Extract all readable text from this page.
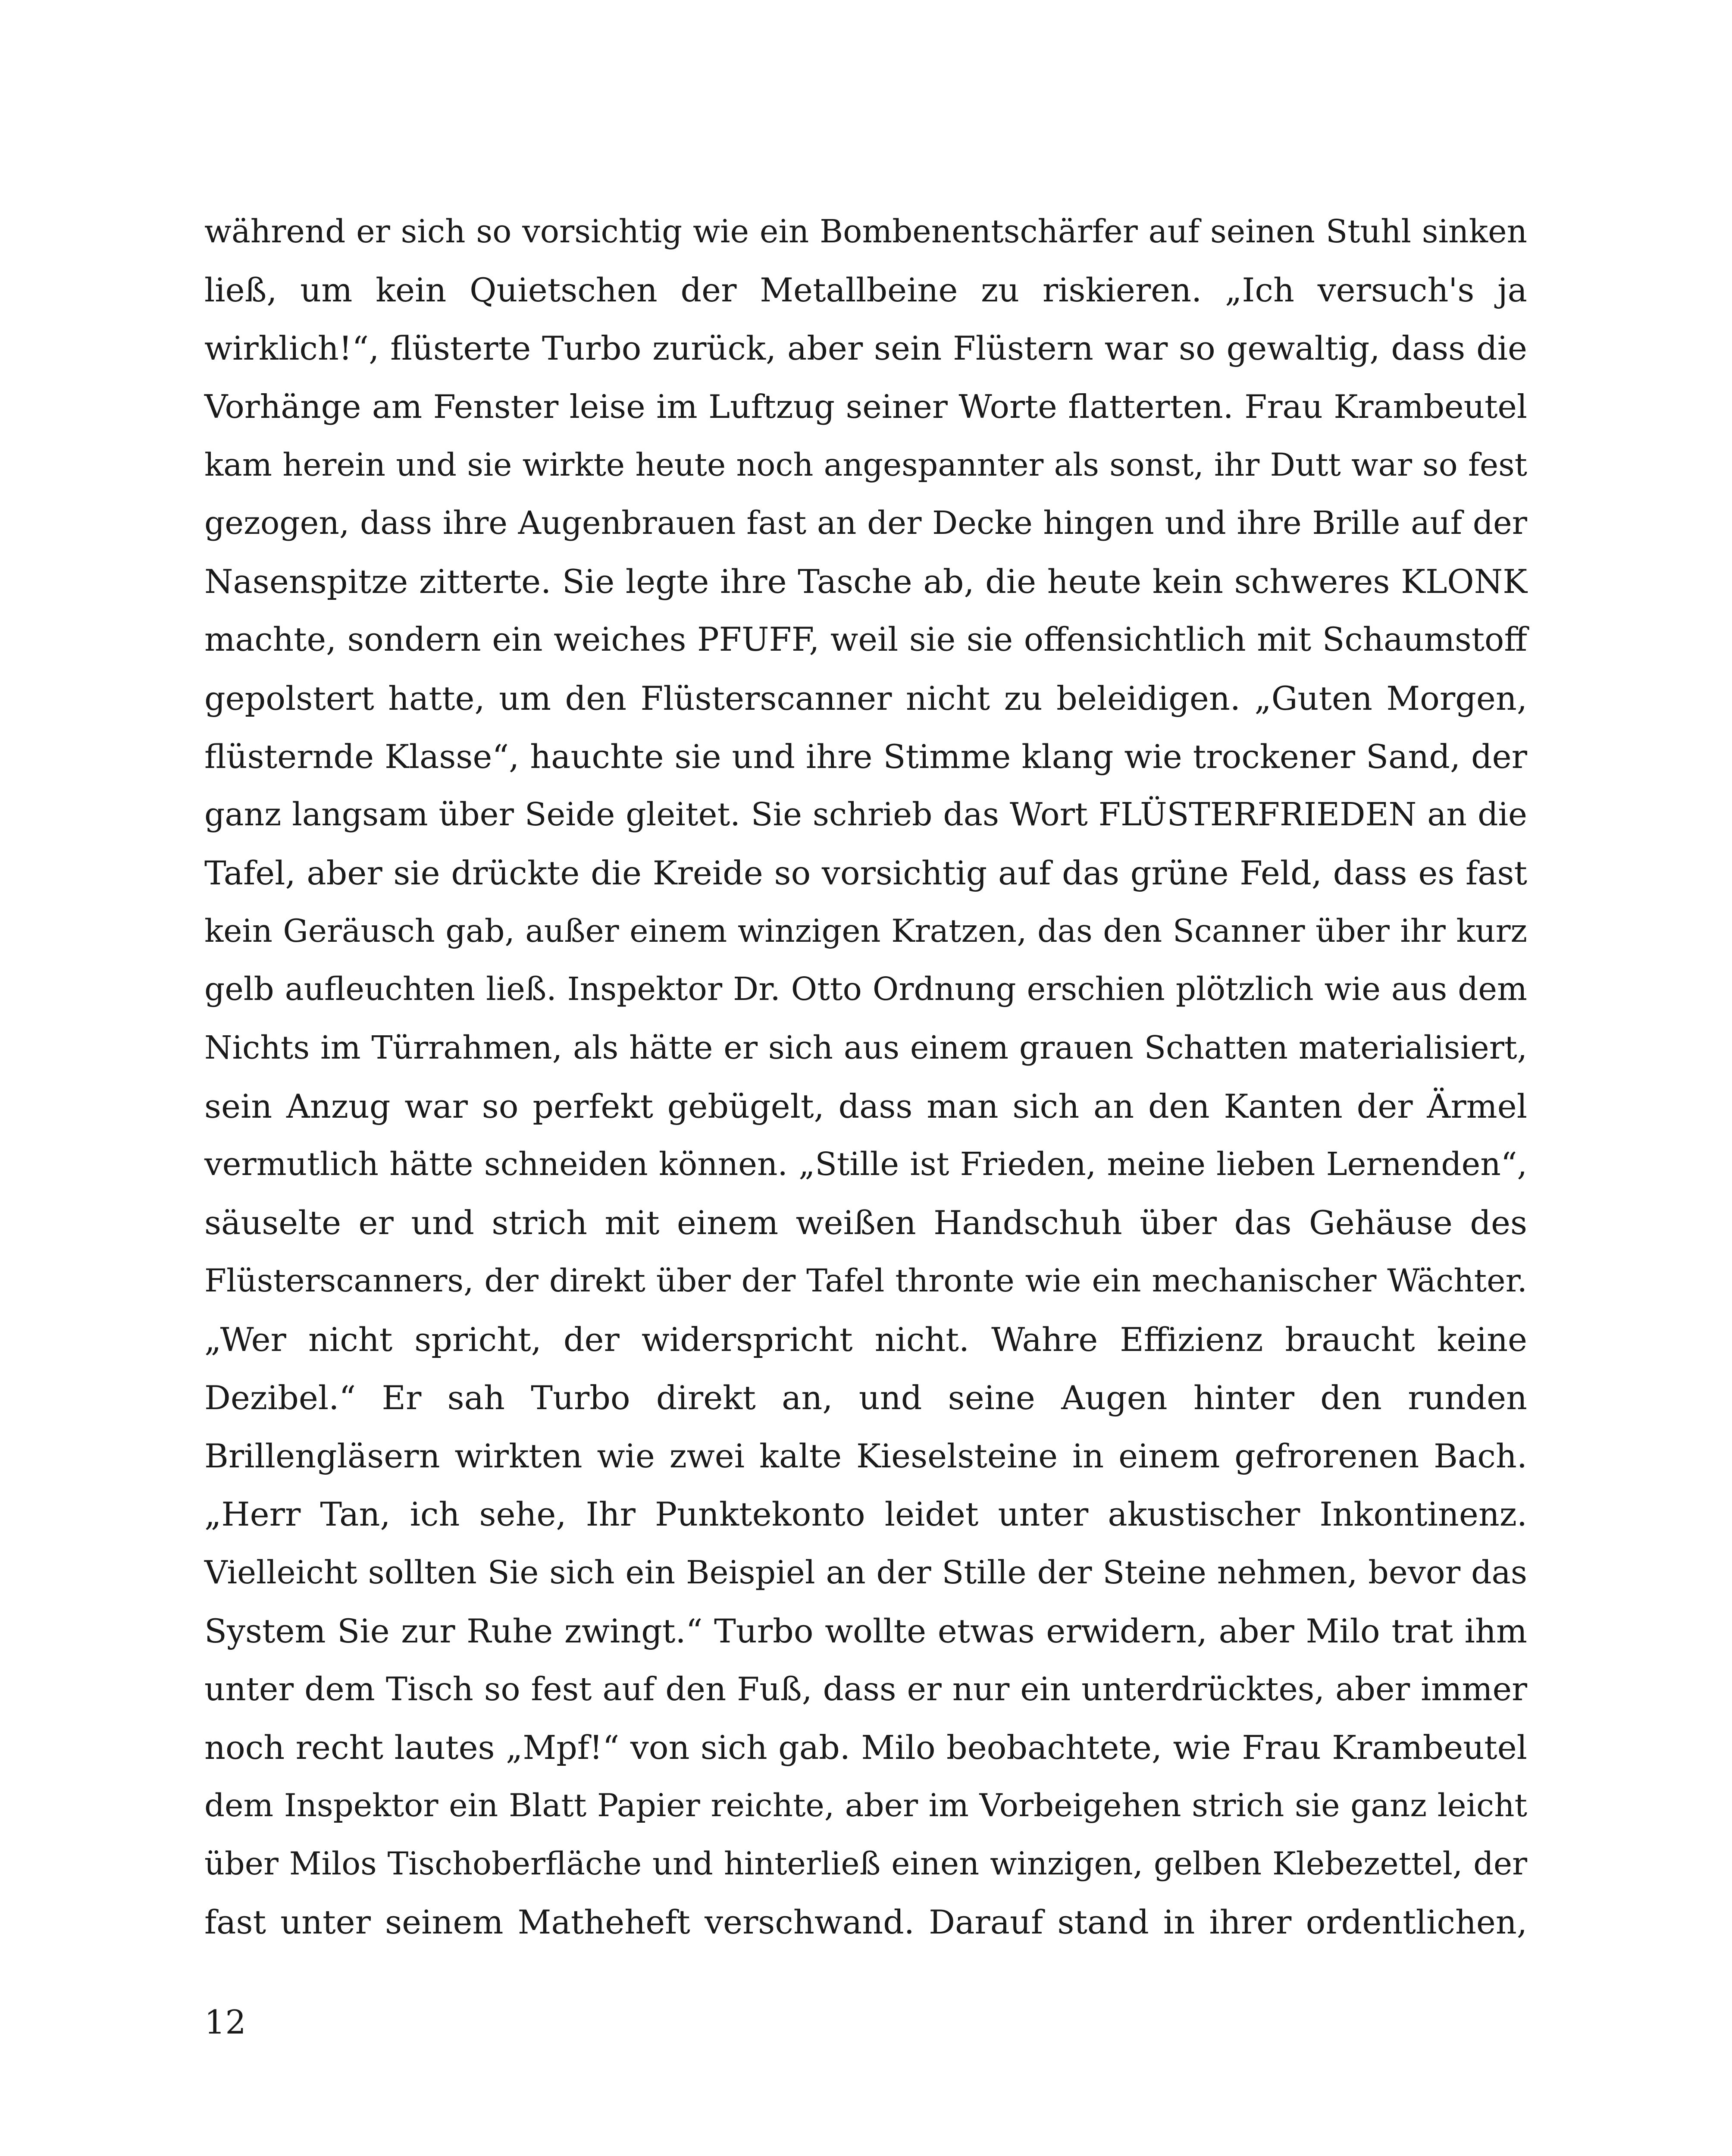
während er sich so vorsichtig wie ein Bombenentschärfer auf seinen Stuhl sinken
ließ, um kein Quietschen der Metallbeine zu riskieren. „Ich versuch's ja
wirklich!“, flüsterte Turbo zurück, aber sein Flüstern war so gewaltig, dass die
Vorhänge am Fenster leise im Luftzug seiner Worte flatterten. Frau Krambeutel
kam herein und sie wirkte heute noch angespannter als sonst, ihr Dutt war so fest
gezogen, dass ihre Augenbrauen fast an der Decke hingen und ihre Brille auf der
Nasenspitze zitterte. Sie legte ihre Tasche ab, die heute kein schweres KLONK
machte, sondern ein weiches PFUFF, weil sie sie offensichtlich mit Schaumstoff
gepolstert hatte, um den Flüsterscanner nicht zu beleidigen. „Guten Morgen,
flüsternde Klasse“, hauchte sie und ihre Stimme klang wie trockener Sand, der
ganz langsam über Seide gleitet. Sie schrieb das Wort FLÜSTERFRIEDEN an die
Tafel, aber sie drückte die Kreide so vorsichtig auf das grüne Feld, dass es fast
kein Geräusch gab, außer einem winzigen Kratzen, das den Scanner über ihr kurz
gelb aufleuchten ließ. Inspektor Dr. Otto Ordnung erschien plötzlich wie aus dem
Nichts im Türrahmen, als hätte er sich aus einem grauen Schatten materialisiert,
sein Anzug war so perfekt gebügelt, dass man sich an den Kanten der Ärmel
vermutlich hätte schneiden können. „Stille ist Frieden, meine lieben Lernenden“,
säuselte er und strich mit einem weißen Handschuh über das Gehäuse des
Flüsterscanners, der direkt über der Tafel thronte wie ein mechanischer Wächter.
„Wer nicht spricht, der widerspricht nicht. Wahre Effizienz braucht keine
Dezibel.“ Er sah Turbo direkt an, und seine Augen hinter den runden
Brillengläsern wirkten wie zwei kalte Kieselsteine in einem gefrorenen Bach.
„Herr Tan, ich sehe, Ihr Punktekonto leidet unter akustischer Inkontinenz.
Vielleicht sollten Sie sich ein Beispiel an der Stille der Steine nehmen, bevor das
System Sie zur Ruhe zwingt.“ Turbo wollte etwas erwidern, aber Milo trat ihm
unter dem Tisch so fest auf den Fuß, dass er nur ein unterdrücktes, aber immer
noch recht lautes „Mpf!“ von sich gab. Milo beobachtete, wie Frau Krambeutel
dem Inspektor ein Blatt Papier reichte, aber im Vorbeigehen strich sie ganz leicht
über Milos Tischoberfläche und hinterließ einen winzigen, gelben Klebezettel, der
fast unter seinem Matheheft verschwand. Darauf stand in ihrer ordentlichen,
12
